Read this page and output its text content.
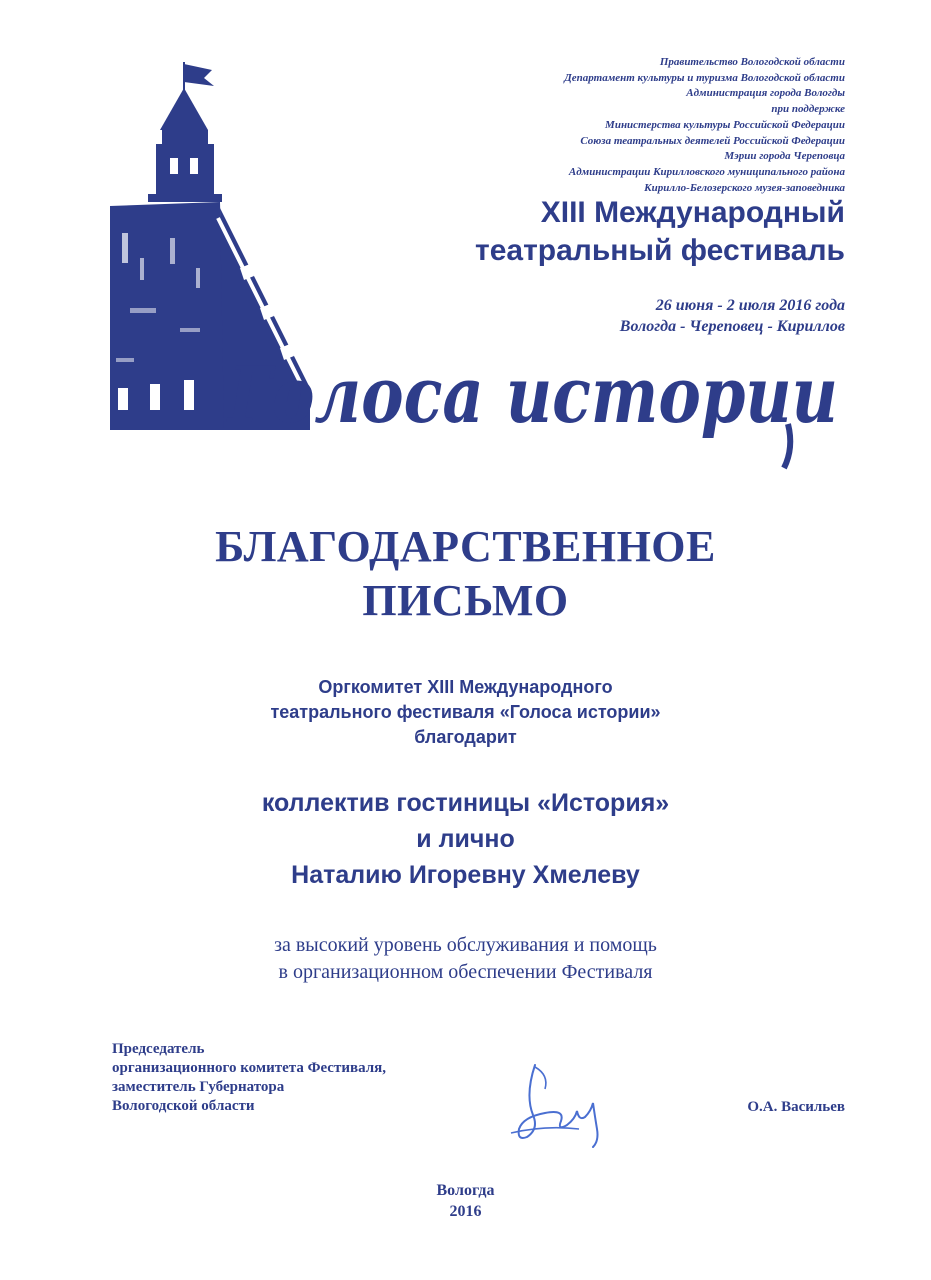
Правительство Вологодской области
Департамент культуры и туризма Вологодской области
Администрация города Вологды
при поддержке
Министерства культуры Российской Федерации
Союза театральных деятелей Российской Федерации
Мэрии города Череповца
Администрации Кирилловского муниципального района
Кирилло-Белозерского музея-заповедника
XIII Международный
театральный фестиваль
26 июня - 2 июля 2016 года
Вологда - Череповец - Кириллов
Голоса истории
БЛАГОДАРСТВЕННОЕ
ПИСЬМО
Оргкомитет XIII Международного
театрального фестиваля «Голоса истории»
благодарит
коллектив гостиницы «История»
и лично
Наталию Игоревну Хмелеву
за высокий уровень обслуживания и помощь
в организационном обеспечении Фестиваля
Председатель
организационного комитета Фестиваля,
заместитель Губернатора
Вологодской области	О.А. Васильев
Вологда
2016
